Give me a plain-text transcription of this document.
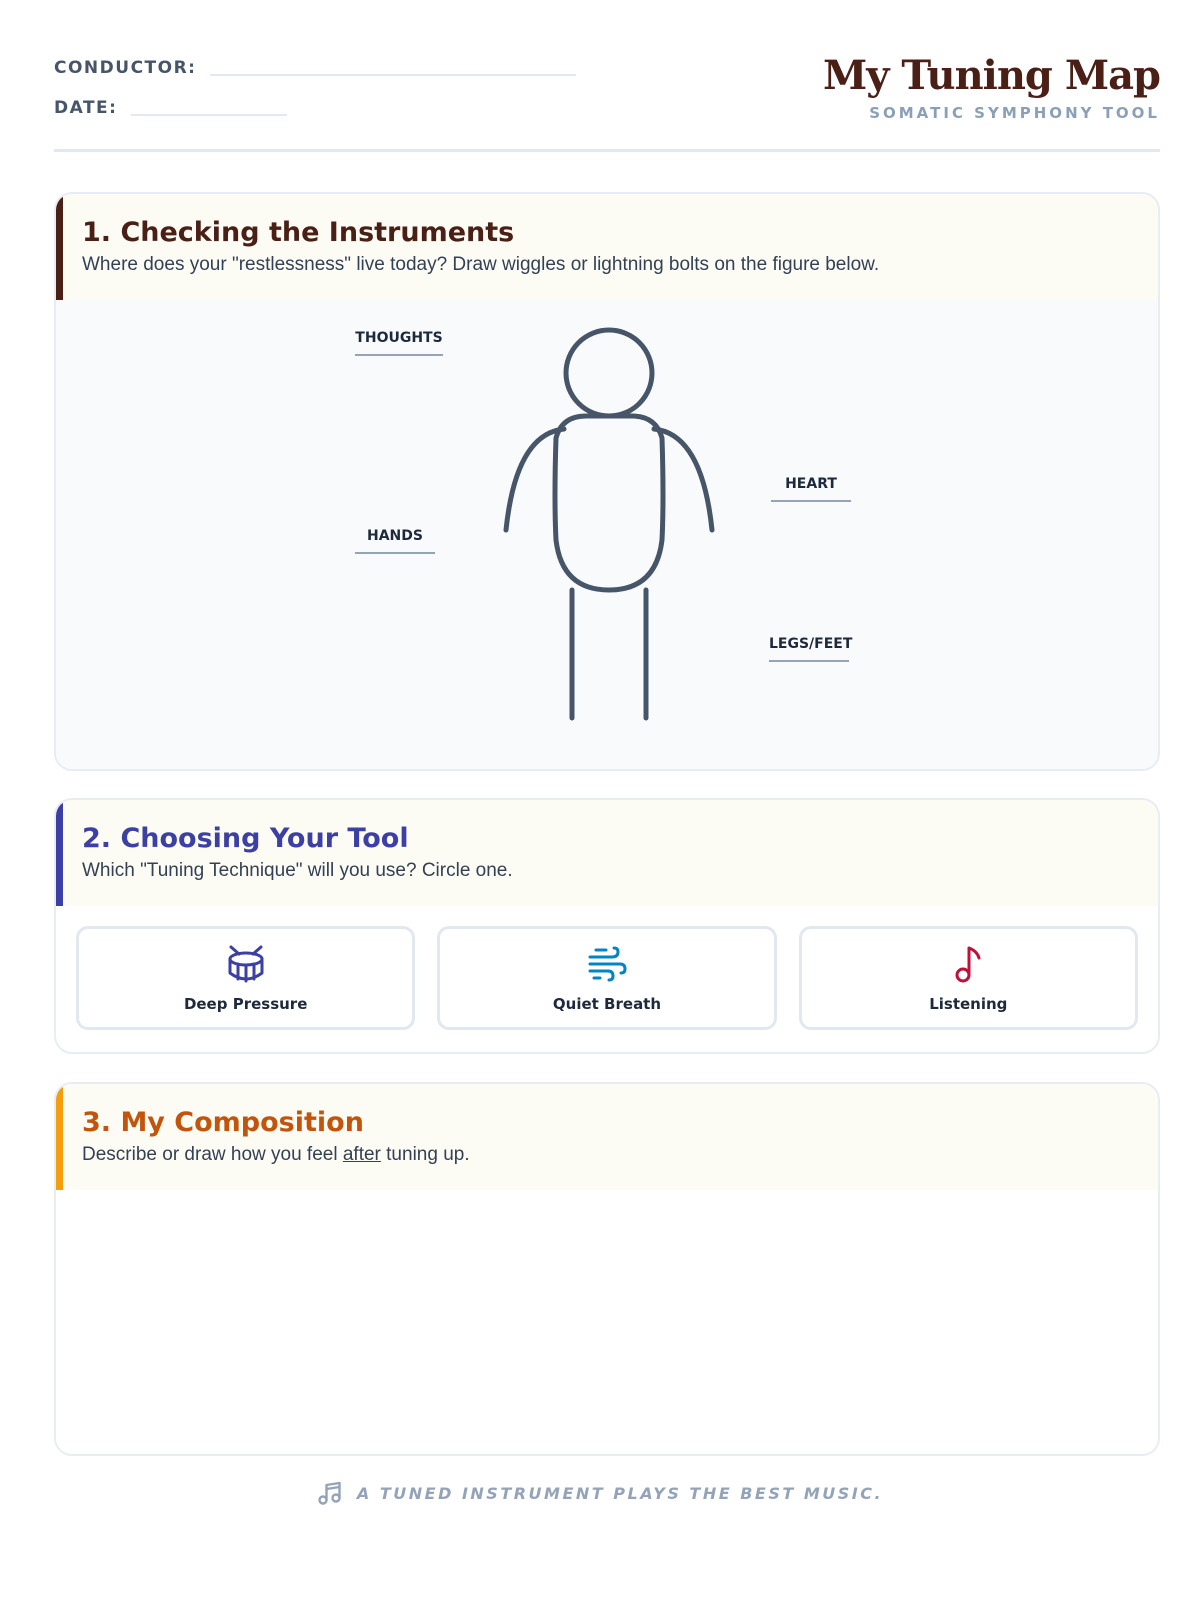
CONDUCTOR:
DATE:
My Tuning Map
SOMATIC SYMPHONY TOOL
1. Checking the Instruments
Where does your "restlessness" live today? Draw wiggles or lightning bolts on the figure below.
THOUGHTS
HANDS
HEART
LEGS/FEET
2. Choosing Your Tool
Which "Tuning Technique" will you use? Circle one.
Deep Pressure	Quiet Breath	Listening
3. My Composition
Describe or draw how you feel after tuning up.
A TUNED INSTRUMENT PLAYS THE BEST MUSIC.
